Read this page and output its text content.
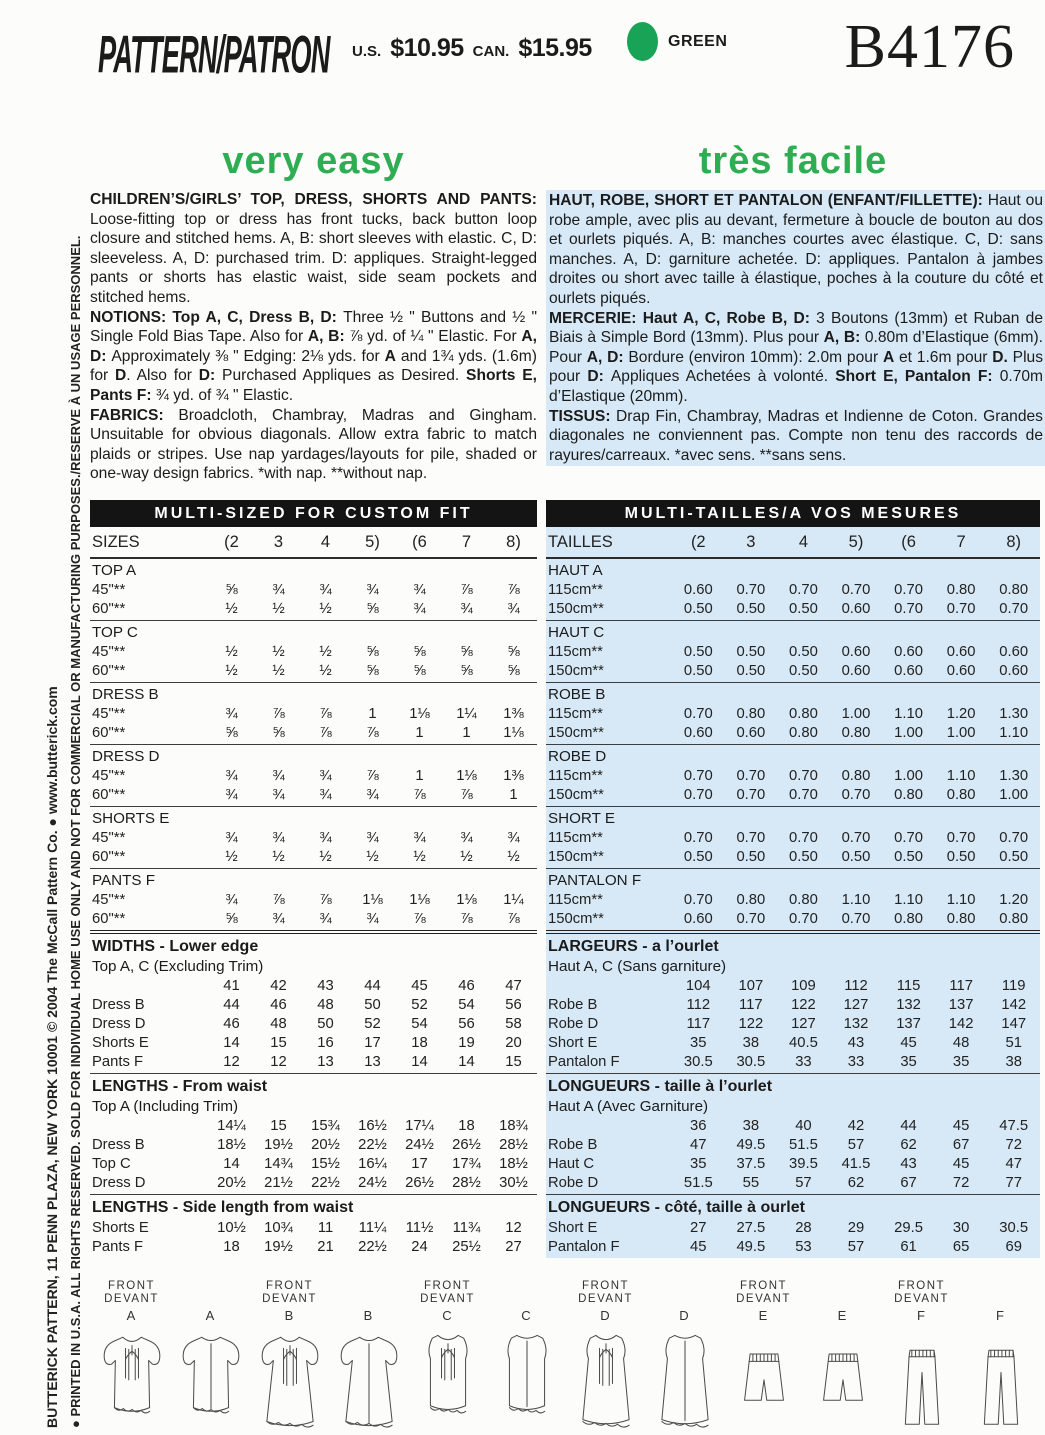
PATTERN/PATRON U.S. $10.95 CAN. $15.95	GREEN B4176
BUTTERICK PATTERN, 11 PENN PLAZA, NEW YORK 10001 © 2004 The McCall Pattern Co. ● www.butterick.com ● PRINTED IN U.S.A. ALL RIGHTS RESERVED. SOLD FOR INDIVIDUAL HOME USE ONLY AND NOT FOR COMMERCIAL OR MANUFACTURING PURPOSES./RESERVE À UN USAGE PERSONNEL.
very easy	très facile

CHILDREN’S/GIRLS’ TOP, DRESS, SHORTS AND PANTS: Loose-fitting top or dress has front tucks, back button loop closure and stitched hems. A, B: short sleeves with elastic. C, D: sleeveless. A, D: purchased trim. D: appliques. Straight-legged pants or shorts has elastic waist, side seam pockets and stitched hems.

NOTIONS: Top A, C, Dress B, D: Three ½ " Buttons and ½ " Single Fold Bias Tape. Also for A, B: ⅞ yd. of ¼ " Elastic. For A, D: Approximately ⅜ " Edging: 2⅛ yds. for A and 1¾ yds. (1.6m) for D. Also for D: Purchased Appliques as Desired. Shorts E, Pants F: ¾ yd. of ¾ " Elastic.

FABRICS: Broadcloth, Chambray, Madras and Gingham. Unsuitable for obvious diagonals. Allow extra fabric to match plaids or stripes. Use nap yardages/layouts for pile, shaded or one-way design fabrics. *with nap. **without nap.

HAUT, ROBE, SHORT ET PANTALON (ENFANT/FILLETTE): Haut ou robe ample, avec plis au devant, fermeture à boucle de bouton au dos et ourlets piqués. A, B: manches courtes avec élastique. C, D: sans manches. A, D: garniture achetée. D: appliques. Pantalon à jambes droites ou short avec taille à élastique, poches à la couture du côté et ourlets piqués.

MERCERIE: Haut A, C, Robe B, D: 3 Boutons (13mm) et Ruban de Biais à Simple Bord (13mm). Plus pour A, B: 0.80m d’Elastique (6mm). Pour A, D: Bordure (environ 10mm): 2.0m pour A et 1.6m pour D. Plus pour D: Appliques Achetées à volonté. Short E, Pantalon F: 0.70m d’Elastique (20mm).

TISSUS: Drap Fin, Chambray, Madras et Indienne de Coton. Grandes diagonales ne conviennent pas. Compte non tenu des raccords de rayures/carreaux. *avec sens. **sans sens.

MULTI-SIZED FOR CUSTOM FIT
SIZES	(2	3	4	5)	(6	7	8)
TOP A
45"**	⅝	¾	¾	¾	¾	⅞	⅞
60"**	½	½	½	⅝	¾	¾	¾
TOP C
45"**	½	½	½	⅝	⅝	⅝	⅝
60"**	½	½	½	⅝	⅝	⅝	⅝
DRESS B
45"**	¾	⅞	⅞	1	1⅛	1¼	1⅜
60"**	⅝	⅝	⅞	⅞	1	1	1⅛
DRESS D
45"**	¾	¾	¾	⅞	1	1⅛	1⅜
60"**	¾	¾	¾	¾	⅞	⅞	1
SHORTS E
45"**	¾	¾	¾	¾	¾	¾	¾
60"**	½	½	½	½	½	½	½
PANTS F
45"**	¾	⅞	⅞	1⅛	1⅛	1⅛	1¼
60"**	⅝	¾	¾	¾	⅞	⅞	⅞
WIDTHS - Lower edge
Top A, C (Excluding Trim)
41	42	43	44	45	46	47
Dress B	44	46	48	50	52	54	56
Dress D	46	48	50	52	54	56	58
Shorts E	14	15	16	17	18	19	20
Pants F	12	12	13	13	14	14	15
LENGTHS - From waist
Top A (Including Trim)
14¼	15	15¾	16½	17¼	18	18¾
Dress B	18½	19½	20½	22½	24½	26½	28½
Top C	14	14¾	15½	16¼	17	17¾	18½
Dress D	20½	21½	22½	24½	26½	28½	30½
LENGTHS - Side length from waist
Shorts E	10½	10¾	11	11¼	11½	11¾	12
Pants F	18	19½	21	22½	24	25½	27
MULTI-TAILLES/A VOS MESURES
TAILLES	(2	3	4	5)	(6	7	8)
HAUT A
115cm**	0.60	0.70	0.70	0.70	0.70	0.80	0.80
150cm**	0.50	0.50	0.50	0.60	0.70	0.70	0.70
HAUT C
115cm**	0.50	0.50	0.50	0.60	0.60	0.60	0.60
150cm**	0.50	0.50	0.50	0.60	0.60	0.60	0.60
ROBE B
115cm**	0.70	0.80	0.80	1.00	1.10	1.20	1.30
150cm**	0.60	0.60	0.80	0.80	1.00	1.00	1.10
ROBE D
115cm**	0.70	0.70	0.70	0.80	1.00	1.10	1.30
150cm**	0.70	0.70	0.70	0.70	0.80	0.80	1.00
SHORT E
115cm**	0.70	0.70	0.70	0.70	0.70	0.70	0.70
150cm**	0.50	0.50	0.50	0.50	0.50	0.50	0.50
PANTALON F
115cm**	0.70	0.80	0.80	1.10	1.10	1.10	1.20
150cm**	0.60	0.70	0.70	0.70	0.80	0.80	0.80
LARGEURS - a l’ourlet
Haut A, C (Sans garniture)
104	107	109	112	115	117	119
Robe B	112	117	122	127	132	137	142
Robe D	117	122	127	132	137	142	147
Short E	35	38	40.5	43	45	48	51
Pantalon F	30.5	30.5	33	33	35	35	38
LONGUEURS - taille à l’ourlet
Haut A (Avec Garniture)
36	38	40	42	44	45	47.5
Robe B	47	49.5	51.5	57	62	67	72
Haut C	35	37.5	39.5	41.5	43	45	47
Robe D	51.5	55	57	62	67	72	77
LONGUEURS - côté, taille à ourlet
Short E	27	27.5	28	29	29.5	30	30.5
Pantalon F	45	49.5	53	57	61	65	69
FRONT
DEVANT
A	A
FRONT
DEVANT
B	B
FRONT
DEVANT
C	C
FRONT
DEVANT
D	D
FRONT
DEVANT
E	E
FRONT
DEVANT
F	F
